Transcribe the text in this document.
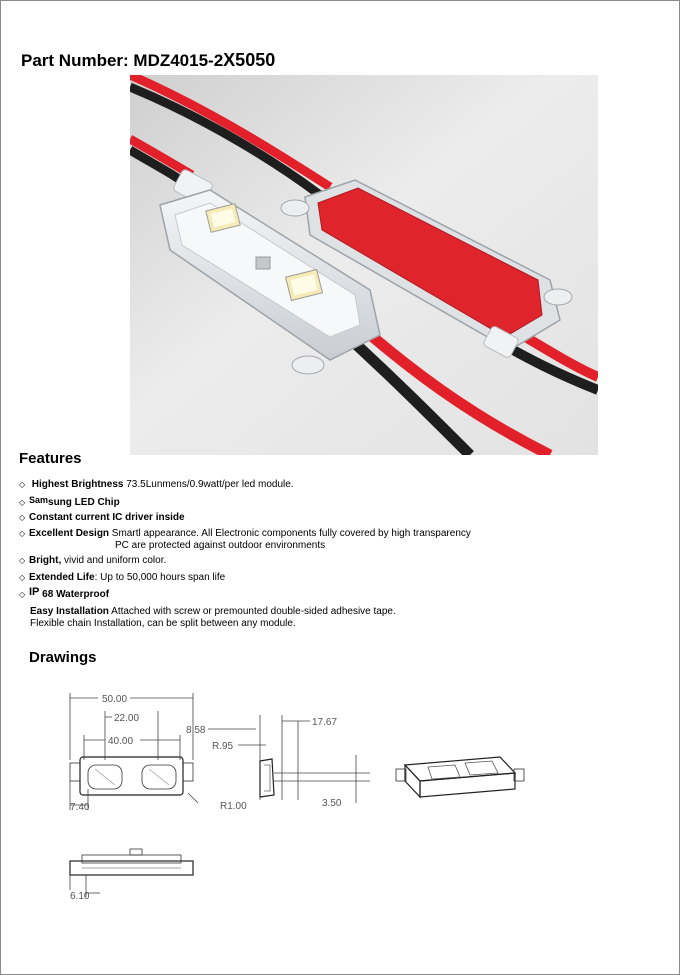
Part Number: MDZ4015-2X5050
Features
◇ Highest Brightness 73.5Lunmens/0.9watt/per led module.
◇ Samsung LED Chip
◇ Constant current IC driver inside
◇ Excellent Design Smartl appearance. All Electronic components fully covered by high transparency
PC are protected against outdoor environments
◇ Bright, vivid and uniform color.
◇ Extended Life: Up to 50,000 hours span life
◇ IP 68 Waterproof
Easy Installation Attached with screw or premounted double-sided adhesive tape.
Flexible chain Installation, can be split between any module.
Drawings
50.00
22.00
40.00
7.40	R1.00
8.58
17.67
R.95
3.50
6.10
